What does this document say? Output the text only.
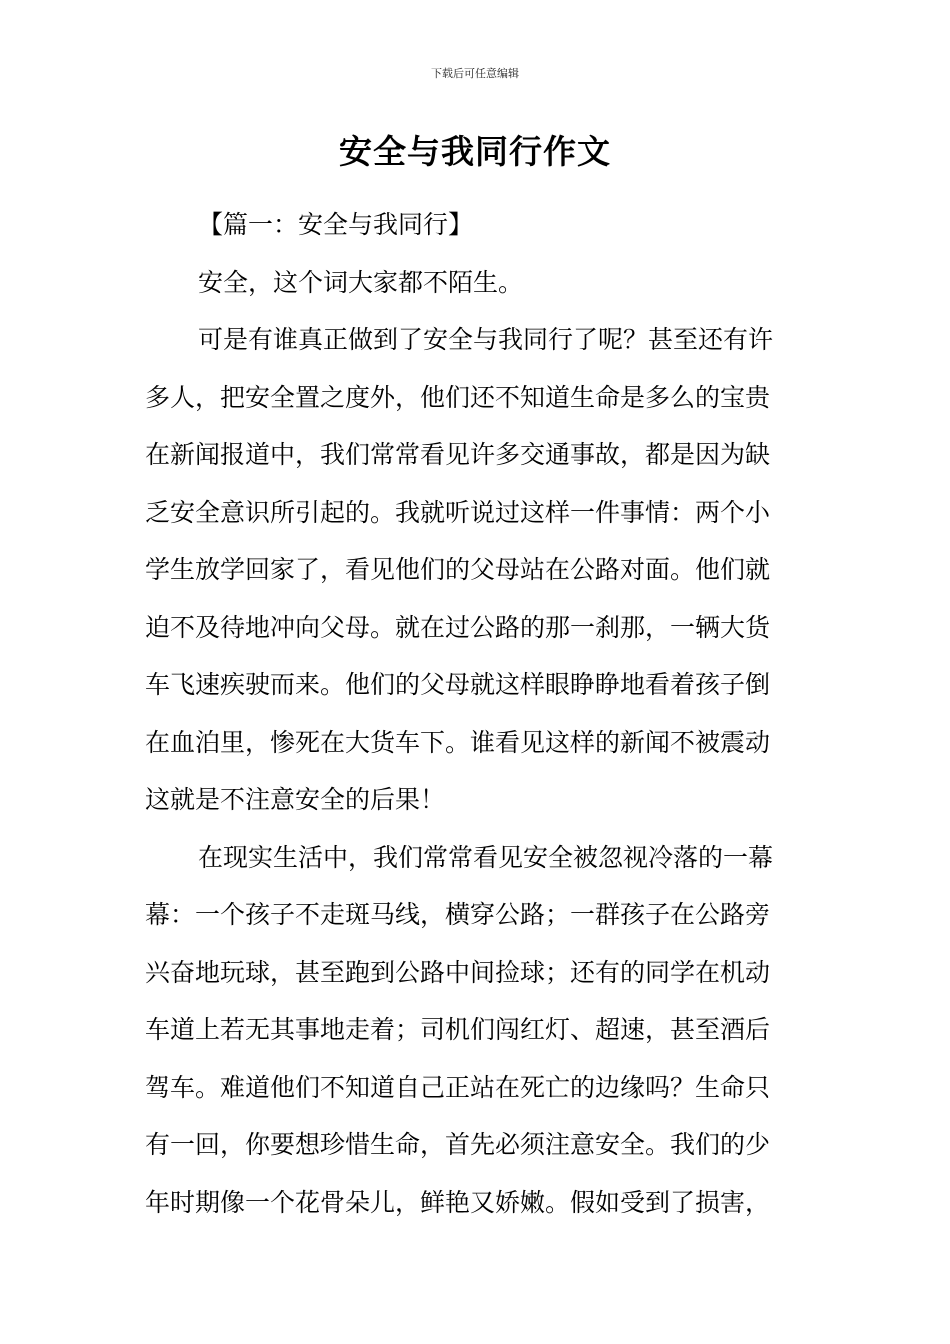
下载后可任意编辑
安全与我同行作文
【篇一：安全与我同行】
安全，这个词大家都不陌生。
可是有谁真正做到了安全与我同行了呢？甚至还有许
多人，把安全置之度外，他们还不知道生命是多么的宝贵
在新闻报道中，我们常常看见许多交通事故，都是因为缺
乏安全意识所引起的。我就听说过这样一件事情：两个小
学生放学回家了，看见他们的父母站在公路对面。他们就
迫不及待地冲向父母。就在过公路的那一刹那，一辆大货
车飞速疾驶而来。他们的父母就这样眼睁睁地看着孩子倒
在血泊里，惨死在大货车下。谁看见这样的新闻不被震动
这就是不注意安全的后果！
在现实生活中，我们常常看见安全被忽视冷落的一幕
幕：一个孩子不走斑马线，横穿公路；一群孩子在公路旁
兴奋地玩球，甚至跑到公路中间捡球；还有的同学在机动
车道上若无其事地走着；司机们闯红灯、超速，甚至酒后
驾车。难道他们不知道自己正站在死亡的边缘吗？生命只
有一回，你要想珍惜生命，首先必须注意安全。我们的少
年时期像一个花骨朵儿，鲜艳又娇嫩。假如受到了损害，
